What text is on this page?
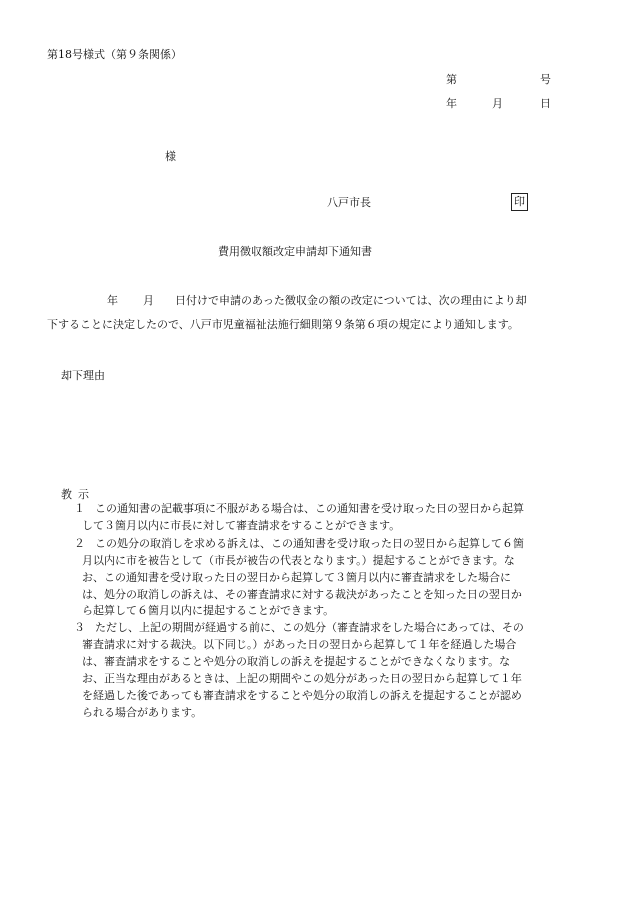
第18号様式（第９条関係）
第	号
年	月	日
様
八戸市長	印
費用徴収額改定申請却下通知書
年 月 日付けで申請のあった徴収金の額の改定については、次の理由により却
下することに決定したので、八戸市児童福祉法施行細則第９条第６項の規定により通知します。
却下理由
教示
１ この通知書の記載事項に不服がある場合は、この通知書を受け取った日の翌日から起算
して３箇月以内に市長に対して審査請求をすることができます。
２ この処分の取消しを求める訴えは、この通知書を受け取った日の翌日から起算して６箇
月以内に市を被告として（市長が被告の代表となります。）提起することができます。な
お、この通知書を受け取った日の翌日から起算して３箇月以内に審査請求をした場合に
は、処分の取消しの訴えは、その審査請求に対する裁決があったことを知った日の翌日か
ら起算して６箇月以内に提起することができます。
３ ただし、上記の期間が経過する前に、この処分（審査請求をした場合にあっては、その
審査請求に対する裁決。以下同じ。）があった日の翌日から起算して１年を経過した場合
は、審査請求をすることや処分の取消しの訴えを提起することができなくなります。な
お、正当な理由があるときは、上記の期間やこの処分があった日の翌日から起算して１年
を経過した後であっても審査請求をすることや処分の取消しの訴えを提起することが認め
られる場合があります。
